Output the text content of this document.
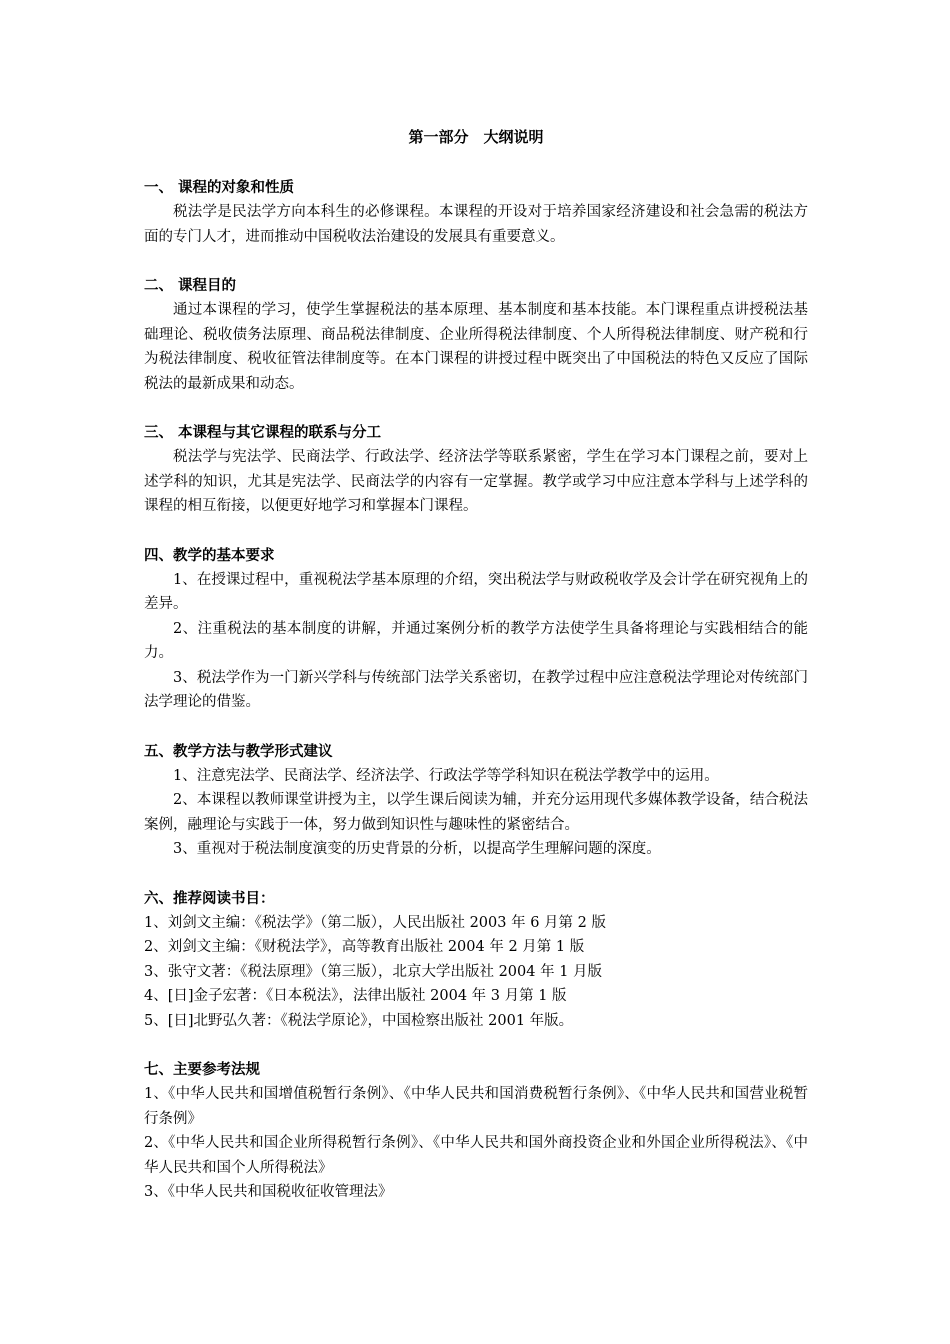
第一部分　大纲说明
一、 课程的对象和性质
税法学是民法学方向本科生的必修课程。本课程的开设对于培养国家经济建设和社会急需的税法方面的专门人才，进而推动中国税收法治建设的发展具有重要意义。
二、 课程目的
通过本课程的学习，使学生掌握税法的基本原理、基本制度和基本技能。本门课程重点讲授税法基础理论、税收债务法原理、商品税法律制度、企业所得税法律制度、个人所得税法律制度、财产税和行为税法律制度、税收征管法律制度等。在本门课程的讲授过程中既突出了中国税法的特色又反应了国际税法的最新成果和动态。
三、 本课程与其它课程的联系与分工
税法学与宪法学、民商法学、行政法学、经济法学等联系紧密，学生在学习本门课程之前，要对上述学科的知识，尤其是宪法学、民商法学的内容有一定掌握。教学或学习中应注意本学科与上述学科的课程的相互衔接，以便更好地学习和掌握本门课程。
四、教学的基本要求
1、在授课过程中，重视税法学基本原理的介绍，突出税法学与财政税收学及会计学在研究视角上的差异。
2、注重税法的基本制度的讲解，并通过案例分析的教学方法使学生具备将理论与实践相结合的能力。
3、税法学作为一门新兴学科与传统部门法学关系密切，在教学过程中应注意税法学理论对传统部门法学理论的借鉴。
五、教学方法与教学形式建议
1、注意宪法学、民商法学、经济法学、行政法学等学科知识在税法学教学中的运用。
2、本课程以教师课堂讲授为主，以学生课后阅读为辅，并充分运用现代多媒体教学设备，结合税法案例，融理论与实践于一体，努力做到知识性与趣味性的紧密结合。
3、重视对于税法制度演变的历史背景的分析，以提高学生理解问题的深度。
六、推荐阅读书目：
1、刘剑文主编：《税法学》（第二版），人民出版社 2003 年 6 月第 2 版
2、刘剑文主编：《财税法学》，高等教育出版社 2004 年 2 月第 1 版
3、张守文著：《税法原理》（第三版），北京大学出版社 2004 年 1 月版
4、[日]金子宏著：《日本税法》，法律出版社 2004 年 3 月第 1 版
5、[日]北野弘久著：《税法学原论》，中国检察出版社 2001 年版。
七、主要参考法规
1、《中华人民共和国增值税暂行条例》、《中华人民共和国消费税暂行条例》、《中华人民共和国营业税暂行条例》
2、《中华人民共和国企业所得税暂行条例》、《中华人民共和国外商投资企业和外国企业所得税法》、《中华人民共和国个人所得税法》
3、《中华人民共和国税收征收管理法》
